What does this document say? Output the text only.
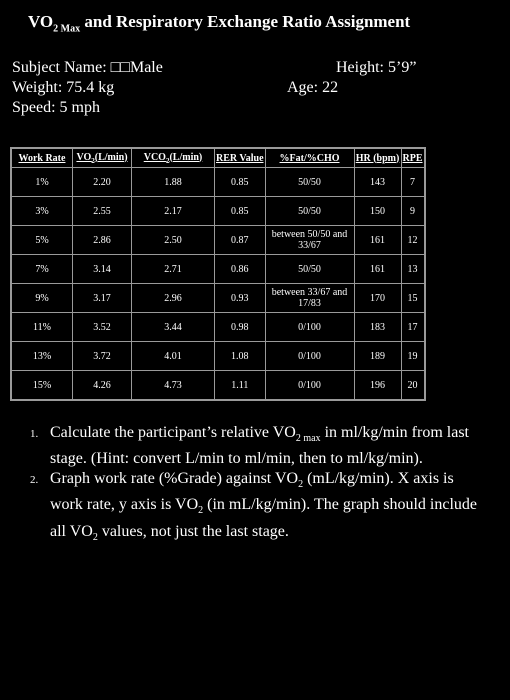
$VO_{2 Max}$ and Respiratory Exchange Ratio Assignment
Subject Name: □□Male
Weight: 75.4 kg
Speed: 5 mph
Height: 5’9”
Age: 22
Work Rate	$VO_2(L/\min)$	$VCO_2(L/\min)$	RER Value	%Fat/%CHO	HR (bpm)	RPE
1%	2.20	1.88	0.85	50/50	143	7
3%	2.55	2.17	0.85	50/50	150	9
5%	2.86	2.50	0.87	between 50/50 and 33/67	161	12
7%	3.14	2.71	0.86	50/50	161	13
9%	3.17	2.96	0.93	between 33/67 and 17/83	170	15
11%	3.52	3.44	0.98	0/100	183	17
13%	3.72	4.01	1.08	0/100	189	19
15%	4.26	4.73	1.11	0/100	196	20
1. Calculate the participant’s relative $VO_{2 max}$ in ml/kg/min from last stage. (Hint: convert L/min to ml/min, then to ml/kg/min).
2. Graph work rate (%Grade) against $VO_2$ (mL/kg/min). X axis is work rate, y axis is $VO_2$ (in mL/kg/min). The graph should include all $VO_2$ values, not just the last stage.
